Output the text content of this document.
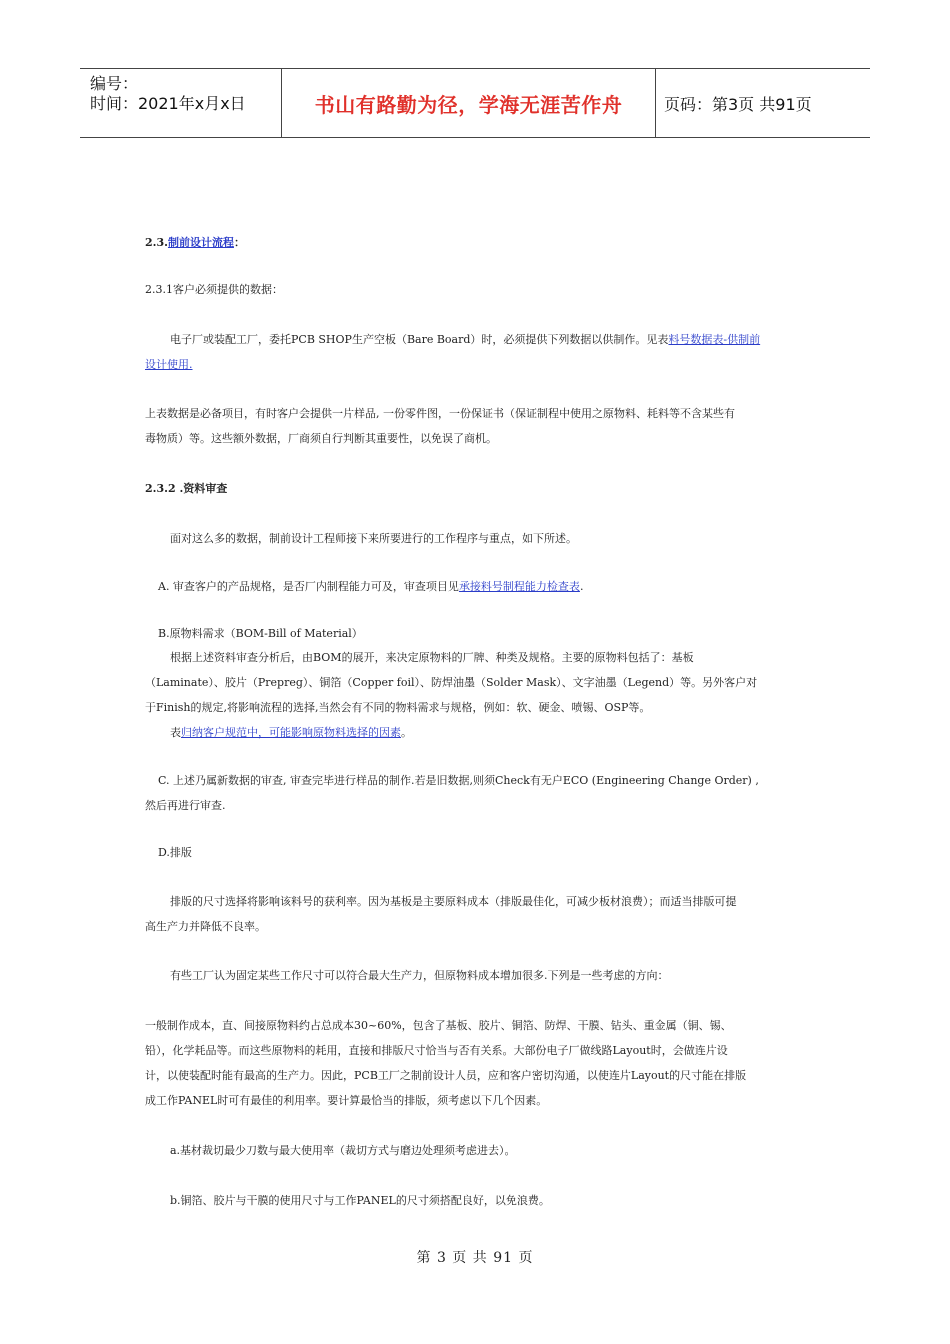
编号：
时间：2021年x月x日	书山有路勤为径，学海无涯苦作舟	页码：第3页 共91页
2.3.制前设计流程：
2.3.1客户必须提供的数据：
电子厂或装配工厂，委托PCB SHOP生产空板（Bare Board）时，必须提供下列数据以供制作。见表料号数据表-供制前
设计使用.
上表数据是必备项目，有时客户会提供一片样品, 一份零件图，一份保证书（保证制程中使用之原物料、耗料等不含某些有
毒物质）等。这些额外数据，厂商须自行判断其重要性，以免误了商机。
2.3.2 .资料审查
面对这么多的数据，制前设计工程师接下来所要进行的工作程序与重点，如下所述。
A. 审查客户的产品规格，是否厂内制程能力可及，审查项目见承接料号制程能力检查表.
B.原物料需求（BOM-Bill of Material）
根据上述资料审查分析后，由BOM的展开，来决定原物料的厂牌、种类及规格。主要的原物料包括了：基板
（Laminate）、胶片（Prepreg）、铜箔（Copper foil）、防焊油墨（Solder Mask）、文字油墨（Legend）等。另外客户对
于Finish的规定,将影响流程的选择,当然会有不同的物料需求与规格，例如：软、硬金、喷锡、OSP等。
表归纳客户规范中，可能影响原物料选择的因素。
C. 上述乃属新数据的审查, 审查完毕进行样品的制作.若是旧数据,则须Check有无户ECO (Engineering Change Order) ,
然后再进行审查.
D.排版
排版的尺寸选择将影响该料号的获利率。因为基板是主要原料成本（排版最佳化，可减少板材浪费）；而适当排版可提
高生产力并降低不良率。
有些工厂认为固定某些工作尺寸可以符合最大生产力，但原物料成本增加很多.下列是一些考虑的方向：
一般制作成本，直、间接原物料约占总成本30~60%，包含了基板、胶片、铜箔、防焊、干膜、钻头、重金属（铜、锡、
铅），化学耗品等。而这些原物料的耗用，直接和排版尺寸恰当与否有关系。大部份电子厂做线路Layout时，会做连片设
计，以使装配时能有最高的生产力。因此，PCB工厂之制前设计人员，应和客户密切沟通，以使连片Layout的尺寸能在排版
成工作PANEL时可有最佳的利用率。要计算最恰当的排版，须考虑以下几个因素。
a.基材裁切最少刀数与最大使用率（裁切方式与磨边处理须考虑进去）。
b.铜箔、胶片与干膜的使用尺寸与工作PANEL的尺寸须搭配良好，以免浪费。
第 3 页 共 91 页
